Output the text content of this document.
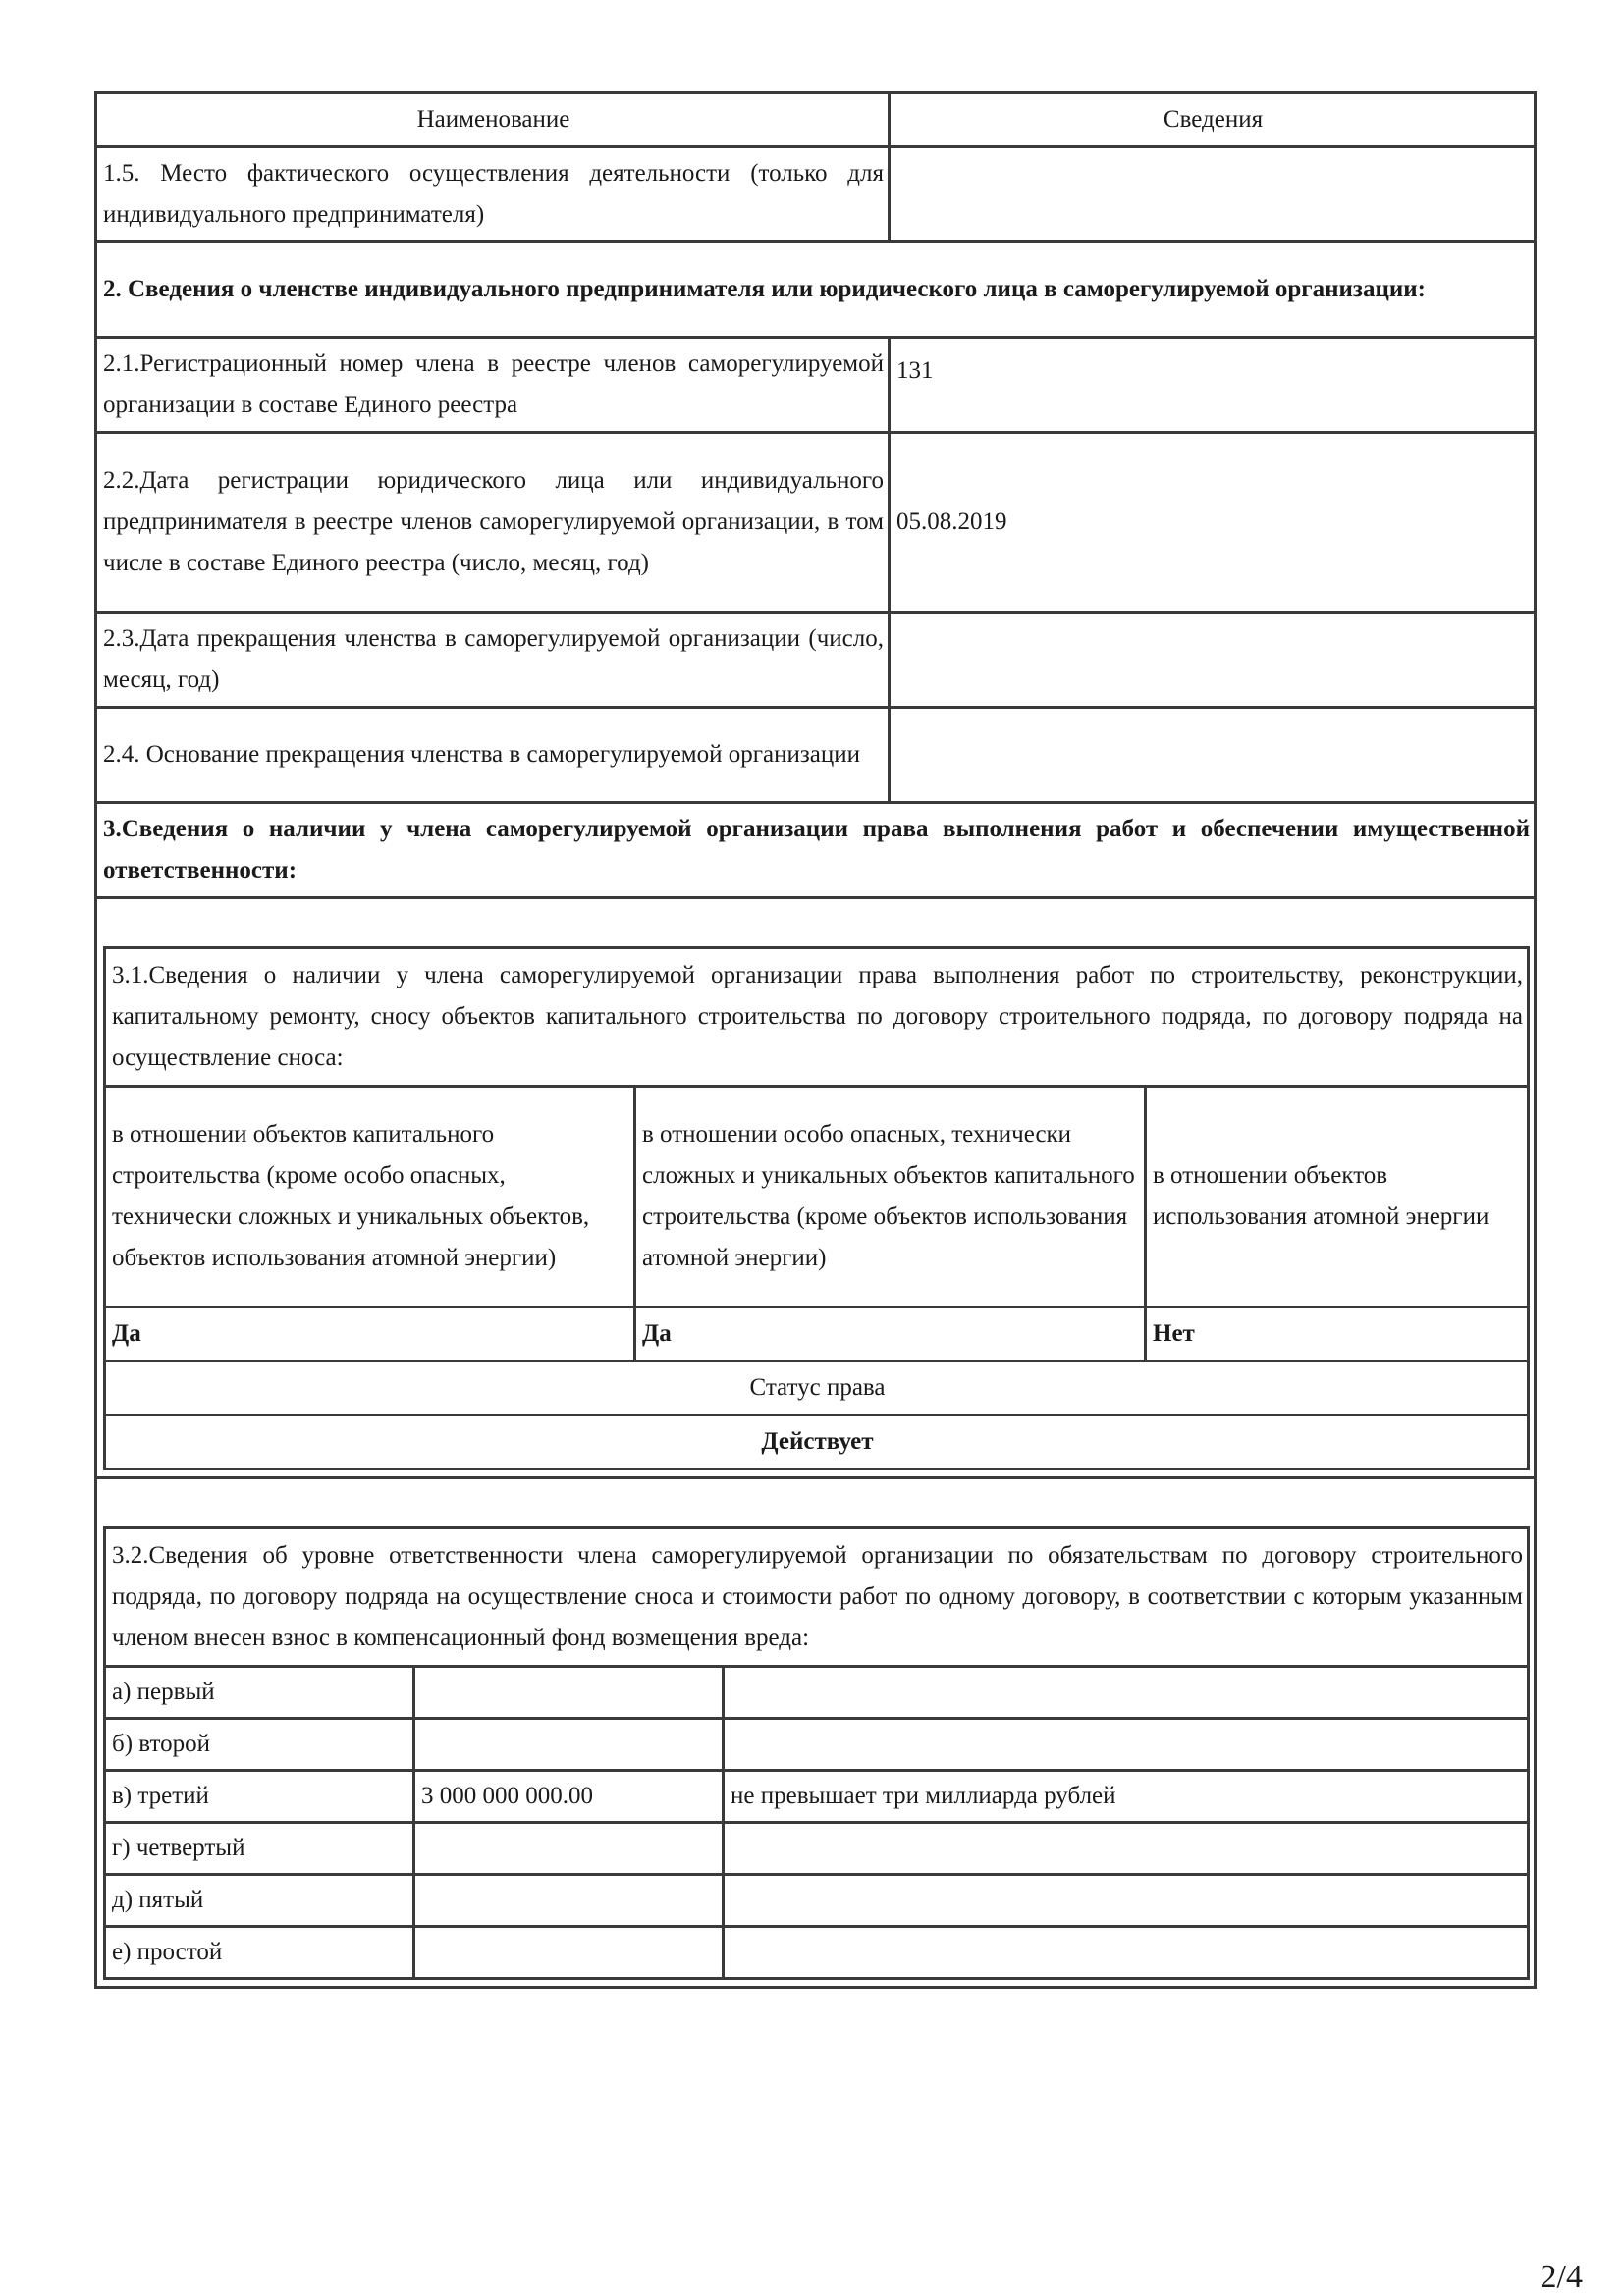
Наименование	Сведения
1.5. Место фактического осуществления деятельности (только для индивидуального предпринимателя)	
2. Сведения о членстве индивидуального предпринимателя или юридического лица в саморегулируемой организации:
2.1.Регистрационный номер члена в реестре членов саморегулируемой организации в составе Единого реестра	131
2.2.Дата регистрации юридического лица или индивидуального предпринимателя в реестре членов саморегулируемой организации, в том числе в составе Единого реестра (число, месяц, год)	05.08.2019
2.3.Дата прекращения членства в саморегулируемой организации (число, месяц, год)	
2.4. Основание прекращения членства в саморегулируемой организации	
3.Сведения о наличии у члена саморегулируемой организации права выполнения работ и обеспечении имущественной ответственности:

3.1.Сведения о наличии у члена саморегулируемой организации права выполнения работ по строительству, реконструкции, капитальному ремонту, сносу объектов капитального строительства по договору строительного подряда, по договору подряда на осуществление сноса:
в отношении объектов капитального строительства (кроме особо опасных, технически сложных и уникальных объектов, объектов использования атомной энергии)	в отношении особо опасных, технически сложных и уникальных объектов капитального строительства (кроме объектов использования атомной энергии)	в отношении объектов использования атомной энергии
Да	Да	Нет
Статус права
Действует

3.2.Сведения об уровне ответственности члена саморегулируемой организации по обязательствам по договору строительного подряда, по договору подряда на осуществление сноса и стоимости работ по одному договору, в соответствии с которым указанным членом внесен взнос в компенсационный фонд возмещения вреда:
а) первый		
б) второй		
в) третий	3 000 000 000.00	не превышает три миллиарда рублей
г) четвертый		
д) пятый		
е) простой		
2/4
